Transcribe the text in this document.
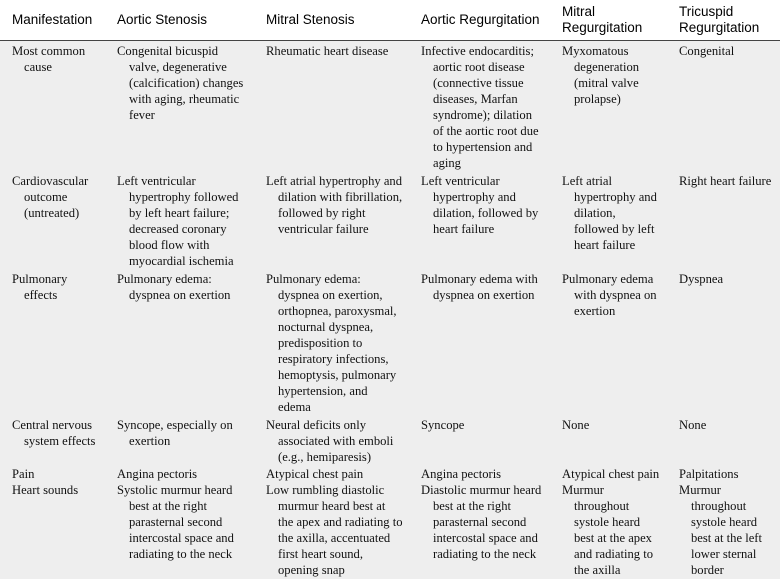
Manifestation	Aortic Stenosis	Mitral Stenosis	Aortic Regurgitation	Mitral Regurgitation	Tricuspid Regurgitation

Most common cause	Congenital bicuspid valve, degenerative (calcification) changes with aging, rheumatic fever	Rheumatic heart disease	Infective endocarditis; aortic root disease (connective tissue diseases, Marfan syndrome); dilation of the aortic root due to hypertension and aging	Myxomatous degeneration (mitral valve prolapse)	Congenital

Cardiovascular outcome (untreated)	Left ventricular hypertrophy followed by left heart failure; decreased coronary blood flow with myocardial ischemia	Left atrial hypertrophy and dilation with fibrillation, followed by right ventricular failure	Left ventricular hypertrophy and dilation, followed by heart failure	Left atrial hypertrophy and dilation, followed by left heart failure	Right heart failure

Pulmonary effects	Pulmonary edema: dyspnea on exertion	Pulmonary edema: dyspnea on exertion, orthopnea, paroxysmal, nocturnal dyspnea, predisposition to respiratory infections, hemoptysis, pulmonary hypertension, and edema	Pulmonary edema with dyspnea on exertion	Pulmonary edema with dyspnea on exertion	Dyspnea

Central nervous system effects	Syncope, especially on exertion	Neural deficits only associated with emboli (e.g., hemiparesis)	Syncope	None	None

Pain	Angina pectoris	Atypical chest pain	Angina pectoris	Atypical chest pain	Palpitations

Heart sounds	Systolic murmur heard best at the right parasternal second intercostal space and radiating to the neck	Low rumbling diastolic murmur heard best at the apex and radiating to the axilla, accentuated first heart sound, opening snap	Diastolic murmur heard best at the right parasternal second intercostal space and radiating to the neck	Murmur throughout systole heard best at the apex and radiating to the axilla	Murmur throughout systole heard best at the left lower sternal border
